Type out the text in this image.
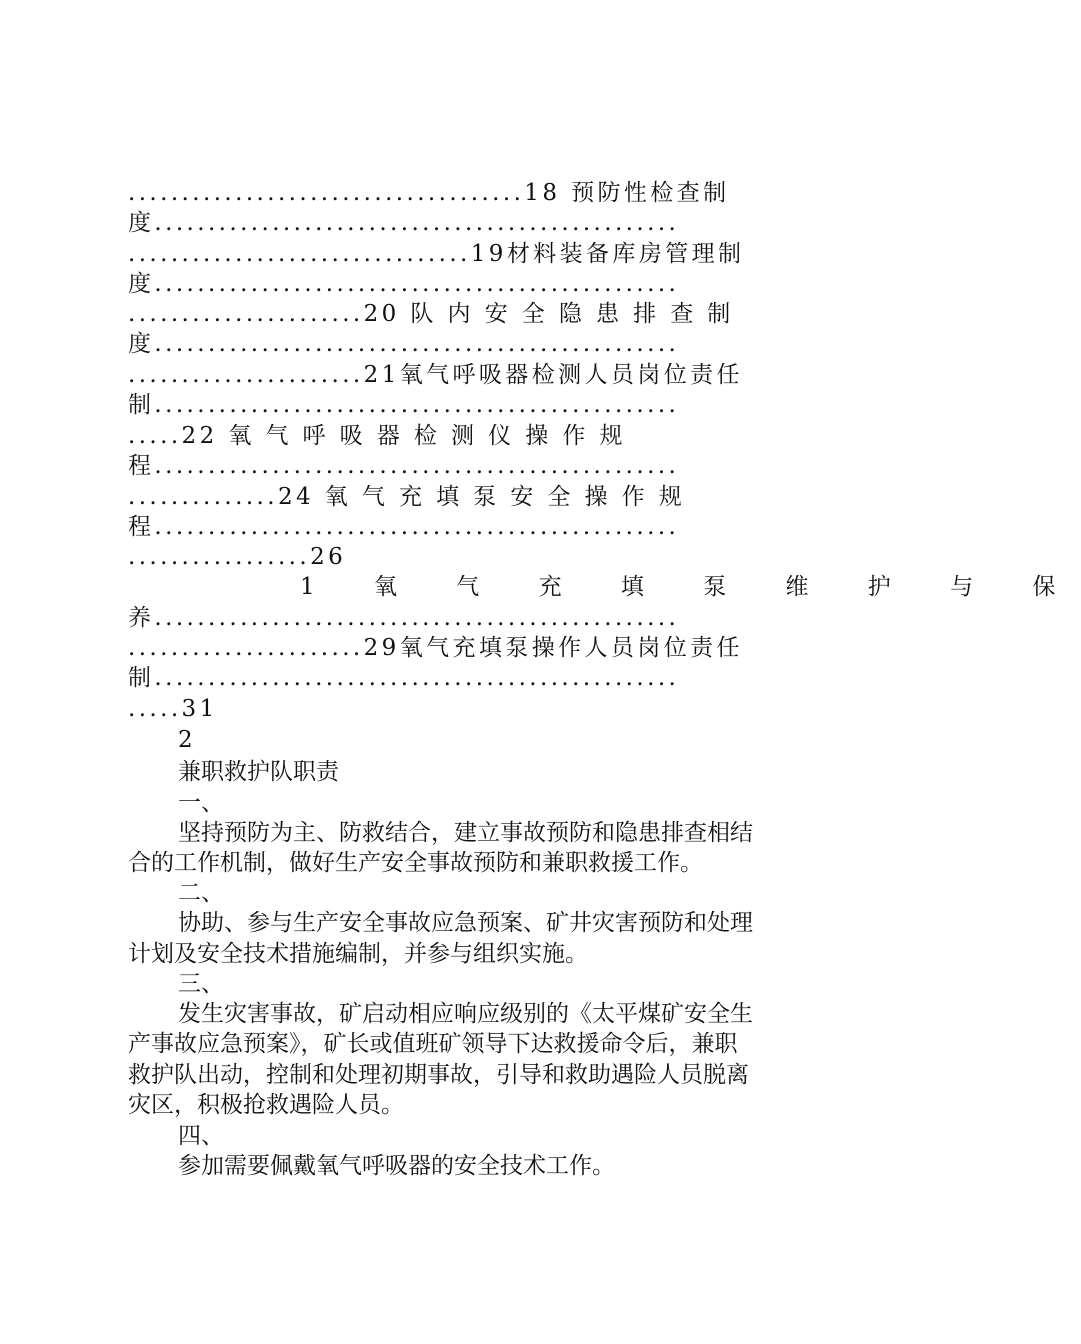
.....................................18 预防性检查制
度.................................................
................................19材料装备库房管理制
度.................................................
......................20 队 内 安 全 隐 患 排 查 制
度.................................................
......................21氧气呼吸器检测人员岗位责任
制.................................................
.....22 氧 气 呼 吸 器 检 测 仪 操 作 规
程.................................................
..............24 氧 气 充 填 泵 安 全 操 作 规
程.................................................
.................26
1 氧 气 充 填 泵 维 护 与 保
养.................................................
......................29氧气充填泵操作人员岗位责任
制.................................................
.....31
2
兼职救护队职责
一、
坚持预防为主、防救结合，建立事故预防和隐患排查相结
合的工作机制，做好生产安全事故预防和兼职救援工作。
二、
协助、参与生产安全事故应急预案、矿井灾害预防和处理
计划及安全技术措施编制，并参与组织实施。
三、
发生灾害事故，矿启动相应响应级别的《太平煤矿安全生
产事故应急预案》，矿长或值班矿领导下达救援命令后，兼职
救护队出动，控制和处理初期事故，引导和救助遇险人员脱离
灾区，积极抢救遇险人员。
四、
参加需要佩戴氧气呼吸器的安全技术工作。
